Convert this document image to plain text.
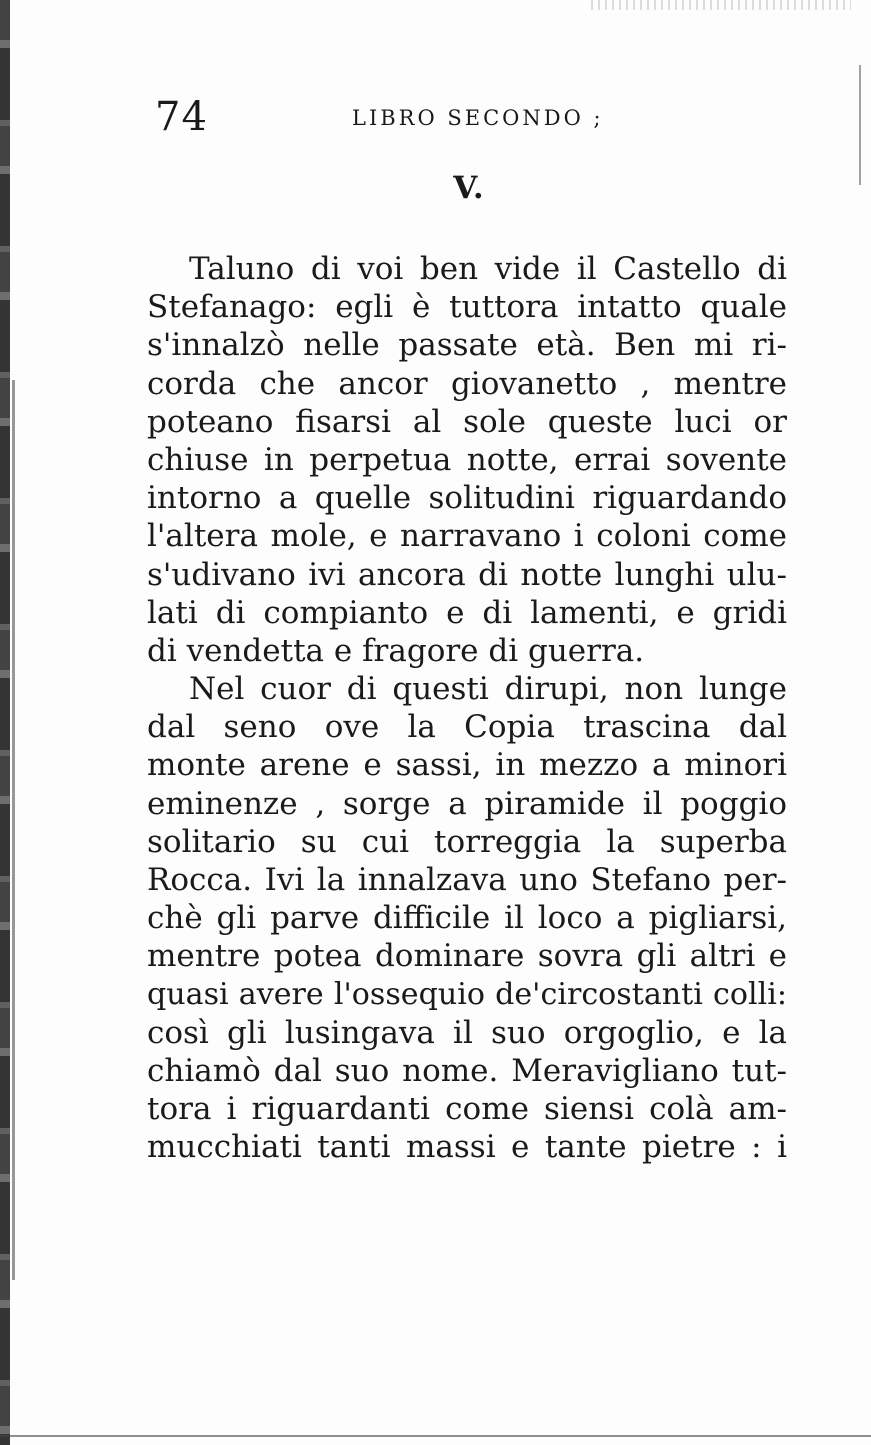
74	LIBRO SECONDO ;
V.
Taluno di voi ben vide il Castello di
Stefanago: egli è tuttora intatto quale
s'innalzò nelle passate età. Ben mi ri-
corda che ancor giovanetto , mentre
poteano fisarsi al sole queste luci or
chiuse in perpetua notte, errai sovente
intorno a quelle solitudini riguardando
l'altera mole, e narravano i coloni come
s'udivano ivi ancora di notte lunghi ulu-
lati di compianto e di lamenti, e gridi
di vendetta e fragore di guerra.
Nel cuor di questi dirupi, non lunge
dal seno ove la Copia trascina dal
monte arene e sassi, in mezzo a minori
eminenze , sorge a piramide il poggio
solitario su cui torreggia la superba
Rocca. Ivi la innalzava uno Stefano per-
chè gli parve difficile il loco a pigliarsi,
mentre potea dominare sovra gli altri e
quasi avere l'ossequio de'circostanti colli:
così gli lusingava il suo orgoglio, e la
chiamò dal suo nome. Meravigliano tut-
tora i riguardanti come siensi colà am-
mucchiati tanti massi e tante pietre : i
